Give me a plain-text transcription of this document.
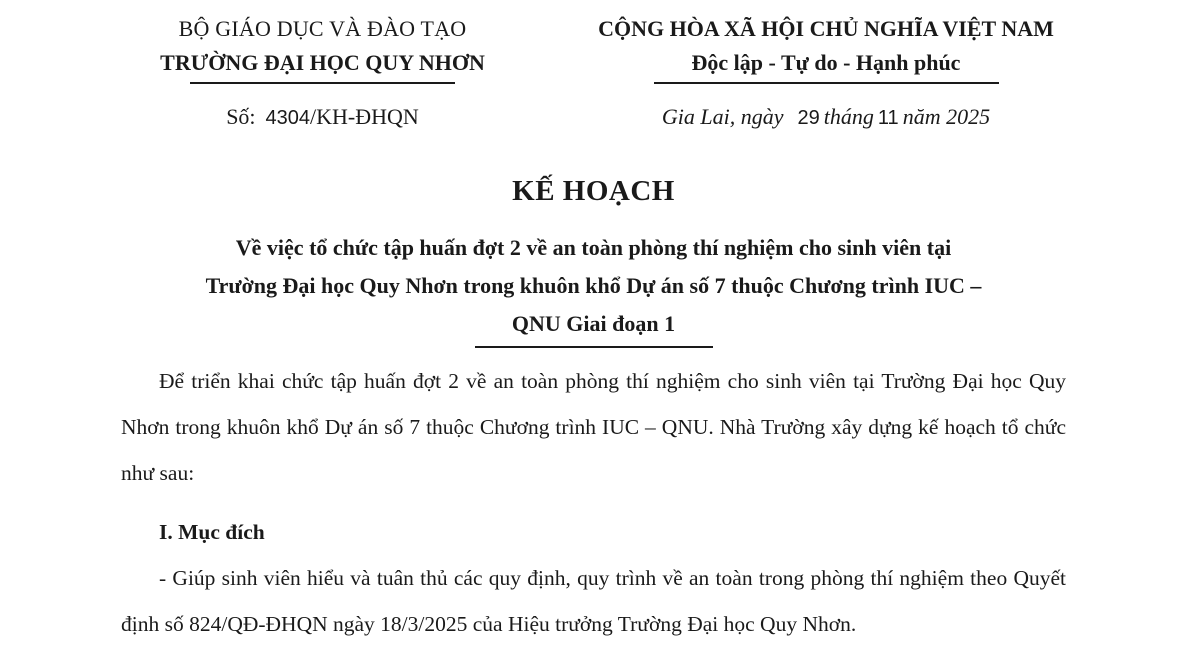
BỘ GIÁO DỤC VÀ ĐÀO TẠO
TRƯỜNG ĐẠI HỌC QUY NHƠN
Số: 4304/KH-ĐHQN
CỘNG HÒA XÃ HỘI CHỦ NGHĨA VIỆT NAM
Độc lập - Tự do - Hạnh phúc
Gia Lai, ngày 29 tháng 11 năm 2025
KẾ HOẠCH
Về việc tổ chức tập huấn đợt 2 về an toàn phòng thí nghiệm cho sinh viên tại
Trường Đại học Quy Nhơn trong khuôn khổ Dự án số 7 thuộc Chương trình IUC –
QNU Giai đoạn 1

Để triển khai chức tập huấn đợt 2 về an toàn phòng thí nghiệm cho sinh viên tại Trường Đại học Quy Nhơn trong khuôn khổ Dự án số 7 thuộc Chương trình IUC – QNU. Nhà Trường xây dựng kế hoạch tổ chức như sau:

I. Mục đích

- Giúp sinh viên hiểu và tuân thủ các quy định, quy trình về an toàn trong phòng thí nghiệm theo Quyết định số 824/QĐ-ĐHQN ngày 18/3/2025 của Hiệu trưởng Trường Đại học Quy Nhơn.
